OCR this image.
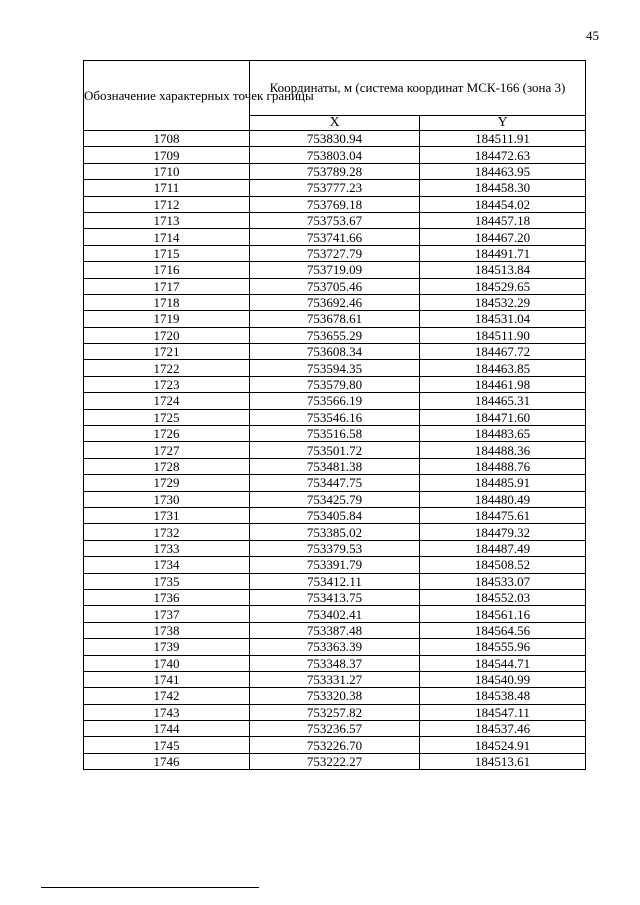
45
Обозначение характерных точек границы	Координаты, м (система координат МСК-166 (зона 3)	
	X	Y
1708	753830.94	184511.91
1709	753803.04	184472.63
1710	753789.28	184463.95
1711	753777.23	184458.30
1712	753769.18	184454.02
1713	753753.67	184457.18
1714	753741.66	184467.20
1715	753727.79	184491.71
1716	753719.09	184513.84
1717	753705.46	184529.65
1718	753692.46	184532.29
1719	753678.61	184531.04
1720	753655.29	184511.90
1721	753608.34	184467.72
1722	753594.35	184463.85
1723	753579.80	184461.98
1724	753566.19	184465.31
1725	753546.16	184471.60
1726	753516.58	184483.65
1727	753501.72	184488.36
1728	753481.38	184488.76
1729	753447.75	184485.91
1730	753425.79	184480.49
1731	753405.84	184475.61
1732	753385.02	184479.32
1733	753379.53	184487.49
1734	753391.79	184508.52
1735	753412.11	184533.07
1736	753413.75	184552.03
1737	753402.41	184561.16
1738	753387.48	184564.56
1739	753363.39	184555.96
1740	753348.37	184544.71
1741	753331.27	184540.99
1742	753320.38	184538.48
1743	753257.82	184547.11
1744	753236.57	184537.46
1745	753226.70	184524.91
1746	753222.27	184513.61
